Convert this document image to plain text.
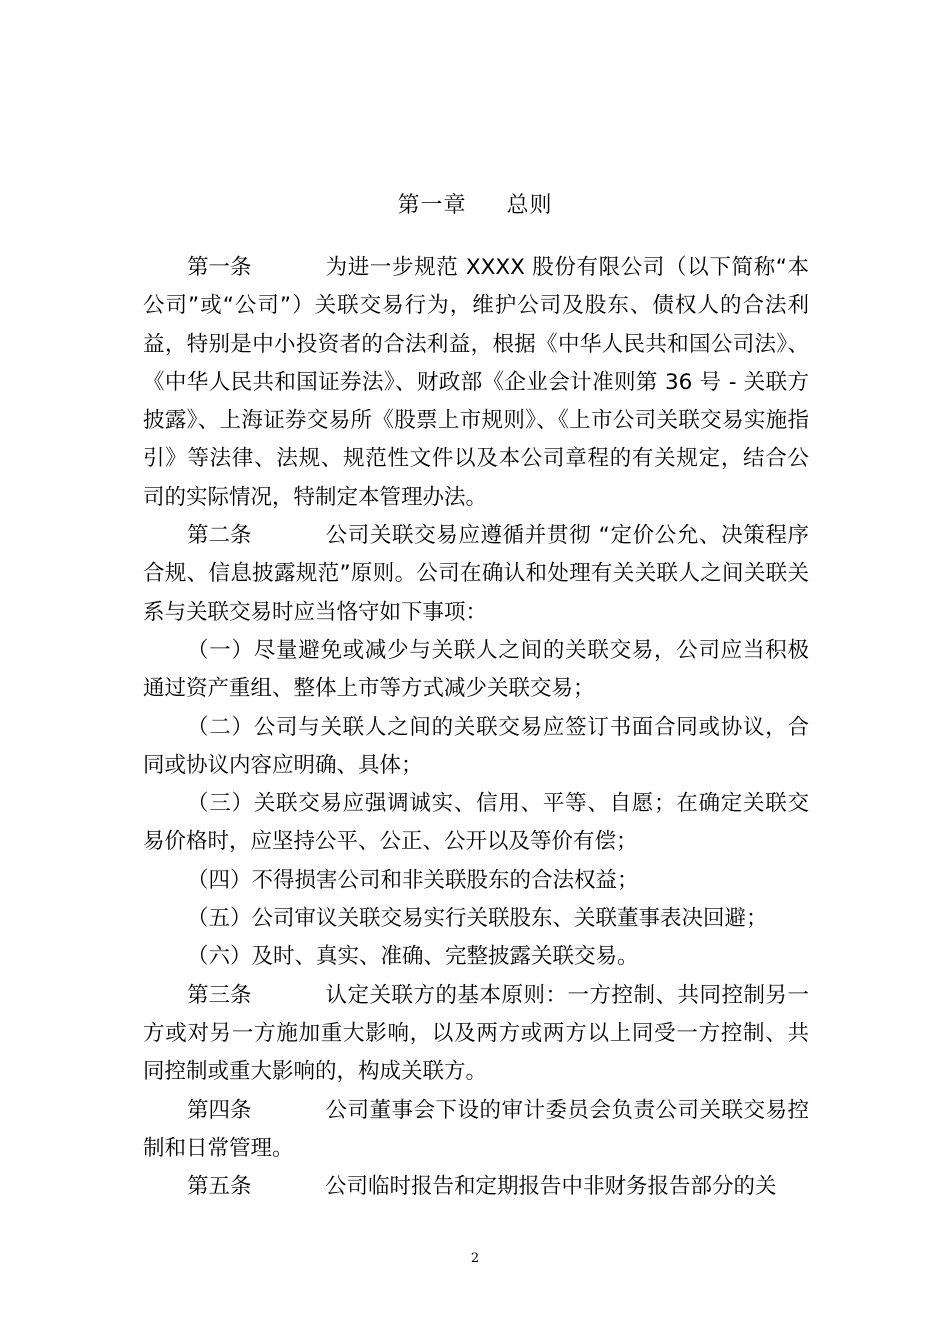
第一章 总则

第一条	为进一步规范 XXXX 股份有限公司（以下简称“本公司”或“公司”）关联交易行为，维护公司及股东、债权人的合法利益，特别是中小投资者的合法利益，根据《中华人民共和国公司法》、《中华人民共和国证券法》、财政部《企业会计准则第 36 号 - 关联方披露》、上海证券交易所《股票上市规则》、《上市公司关联交易实施指引》等法律、法规、规范性文件以及本公司章程的有关规定，结合公司的实际情况，特制定本管理办法。

第二条	公司关联交易应遵循并贯彻 “定价公允、决策程序合规、信息披露规范”原则。公司在确认和处理有关关联人之间关联关系与关联交易时应当恪守如下事项：

（一）尽量避免或减少与关联人之间的关联交易，公司应当积极通过资产重组、整体上市等方式减少关联交易；

（二）公司与关联人之间的关联交易应签订书面合同或协议，合同或协议内容应明确、具体；

（三）关联交易应强调诚实、信用、平等、自愿；在确定关联交易价格时，应坚持公平、公正、公开以及等价有偿；

（四）不得损害公司和非关联股东的合法权益；

（五）公司审议关联交易实行关联股东、关联董事表决回避；

（六）及时、真实、准确、完整披露关联交易。

第三条	认定关联方的基本原则：一方控制、共同控制另一方或对另一方施加重大影响，以及两方或两方以上同受一方控制、共同控制或重大影响的，构成关联方。

第四条	公司董事会下设的审计委员会负责公司关联交易控制和日常管理。

第五条	公司临时报告和定期报告中非财务报告部分的关

2
